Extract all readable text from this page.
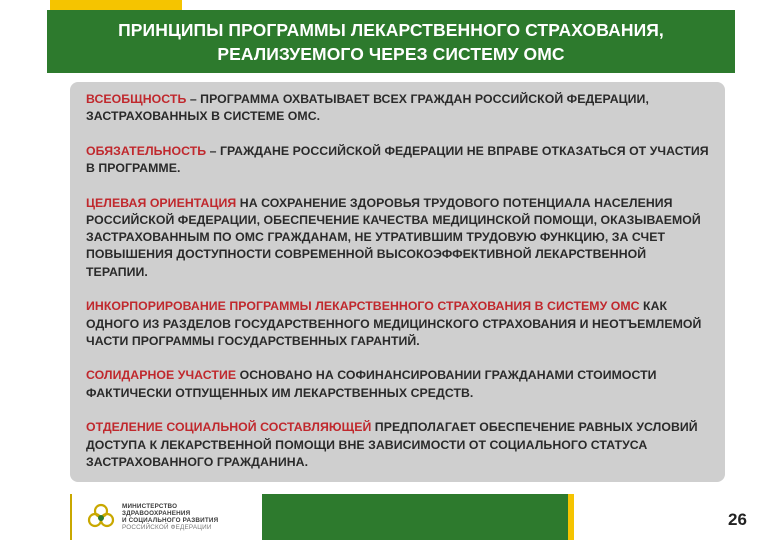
ПРИНЦИПЫ ПРОГРАММЫ ЛЕКАРСТВЕННОГО СТРАХОВАНИЯ,
РЕАЛИЗУЕМОГО ЧЕРЕЗ СИСТЕМУ ОМС

ВСЕОБЩНОСТЬ – ПРОГРАММА ОХВАТЫВАЕТ ВСЕХ ГРАЖДАН РОССИЙСКОЙ ФЕДЕРАЦИИ, ЗАСТРАХОВАННЫХ В СИСТЕМЕ ОМС.

ОБЯЗАТЕЛЬНОСТЬ – ГРАЖДАНЕ РОССИЙСКОЙ ФЕДЕРАЦИИ НЕ ВПРАВЕ ОТКАЗАТЬСЯ ОТ УЧАСТИЯ В ПРОГРАММЕ.

ЦЕЛЕВАЯ ОРИЕНТАЦИЯ НА СОХРАНЕНИЕ ЗДОРОВЬЯ ТРУДОВОГО ПОТЕНЦИАЛА НАСЕЛЕНИЯ РОССИЙСКОЙ ФЕДЕРАЦИИ, ОБЕСПЕЧЕНИЕ КАЧЕСТВА МЕДИЦИНСКОЙ ПОМОЩИ, ОКАЗЫВАЕМОЙ ЗАСТРАХОВАННЫМ ПО ОМС ГРАЖДАНАМ, НЕ УТРАТИВШИМ ТРУДОВУЮ ФУНКЦИЮ, ЗА СЧЕТ ПОВЫШЕНИЯ ДОСТУПНОСТИ СОВРЕМЕННОЙ ВЫСОКОЭФФЕКТИВНОЙ ЛЕКАРСТВЕННОЙ ТЕРАПИИ.

ИНКОРПОРИРОВАНИЕ ПРОГРАММЫ ЛЕКАРСТВЕННОГО СТРАХОВАНИЯ В СИСТЕМУ ОМС КАК ОДНОГО ИЗ РАЗДЕЛОВ ГОСУДАРСТВЕННОГО МЕДИЦИНСКОГО СТРАХОВАНИЯ И НЕОТЪЕМЛЕМОЙ ЧАСТИ ПРОГРАММЫ ГОСУДАРСТВЕННЫХ ГАРАНТИЙ.

СОЛИДАРНОЕ УЧАСТИЕ ОСНОВАНО НА СОФИНАНСИРОВАНИИ ГРАЖДАНАМИ СТОИМОСТИ ФАКТИЧЕСКИ ОТПУЩЕННЫХ ИМ ЛЕКАРСТВЕННЫХ СРЕДСТВ.

ОТДЕЛЕНИЕ СОЦИАЛЬНОЙ СОСТАВЛЯЮЩЕЙ ПРЕДПОЛАГАЕТ ОБЕСПЕЧЕНИЕ РАВНЫХ УСЛОВИЙ ДОСТУПА К ЛЕКАРСТВЕННОЙ ПОМОЩИ ВНЕ ЗАВИСИМОСТИ ОТ СОЦИАЛЬНОГО СТАТУСА ЗАСТРАХОВАННОГО ГРАЖДАНИНА.

МИНИСТЕРСТВО
ЗДРАВООХРАНЕНИЯ
И СОЦИАЛЬНОГО РАЗВИТИЯ
РОССИЙСКОЙ ФЕДЕРАЦИИ	26
